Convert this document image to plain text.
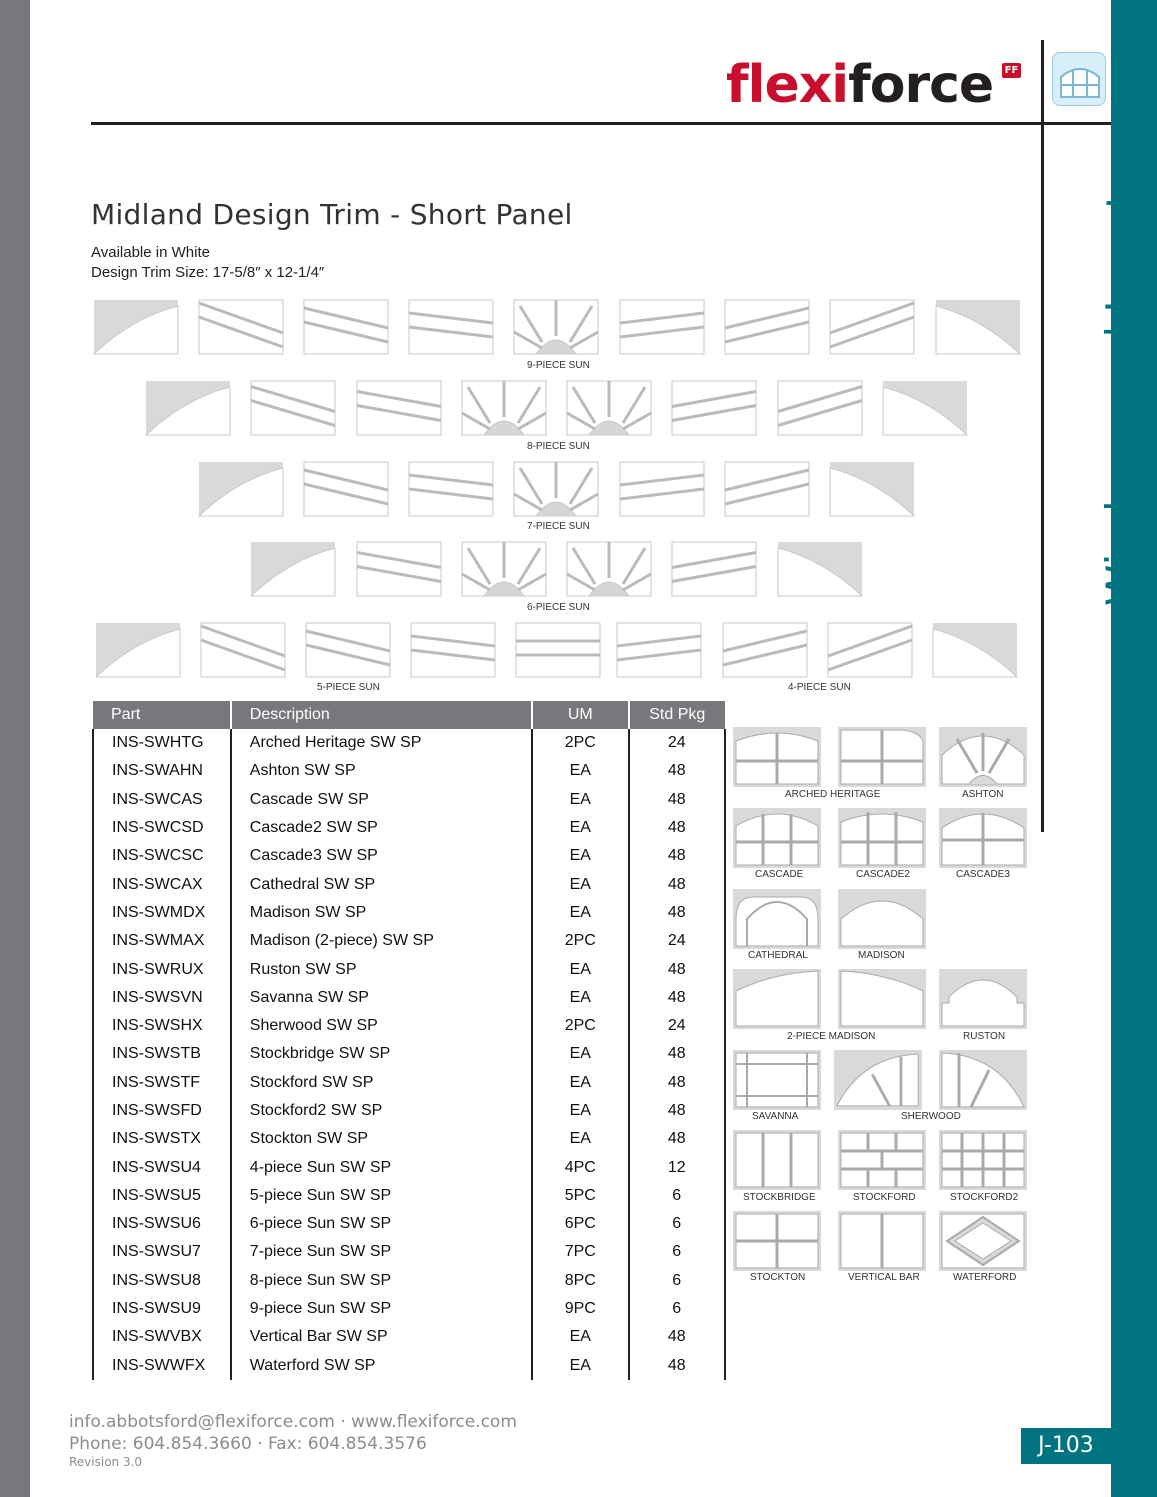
flexiforce FF
Windows and Inserts
Midland Design Trim - Short Panel
Available in White
Design Trim Size: 17-5/8″ x 12-1/4″
9-PIECE SUN
8-PIECE SUN
7-PIECE SUN
6-PIECE SUN
5-PIECE SUN	4-PIECE SUN
Part	Description	UM	Std Pkg
INS-SWHTG	Arched Heritage SW SP	2PC	24
INS-SWAHN	Ashton SW SP	EA	48
INS-SWCAS	Cascade SW SP	EA	48
INS-SWCSD	Cascade2 SW SP	EA	48
INS-SWCSC	Cascade3 SW SP	EA	48
INS-SWCAX	Cathedral SW SP	EA	48
INS-SWMDX	Madison SW SP	EA	48
INS-SWMAX	Madison (2-piece) SW SP	2PC	24
INS-SWRUX	Ruston SW SP	EA	48
INS-SWSVN	Savanna SW SP	EA	48
INS-SWSHX	Sherwood SW SP	2PC	24
INS-SWSTB	Stockbridge SW SP	EA	48
INS-SWSTF	Stockford SW SP	EA	48
INS-SWSFD	Stockford2 SW SP	EA	48
INS-SWSTX	Stockton SW SP	EA	48
INS-SWSU4	4-piece Sun SW SP	4PC	12
INS-SWSU5	5-piece Sun SW SP	5PC	6
INS-SWSU6	6-piece Sun SW SP	6PC	6
INS-SWSU7	7-piece Sun SW SP	7PC	6
INS-SWSU8	8-piece Sun SW SP	8PC	6
INS-SWSU9	9-piece Sun SW SP	9PC	6
INS-SWVBX	Vertical Bar SW SP	EA	48
INS-SWWFX	Waterford SW SP	EA	48
ARCHED HERITAGE	ASHTON
CASCADE	CASCADE2	CASCADE3
CATHEDRAL	MADISON
2-PIECE MADISON	RUSTON
SAVANNA	SHERWOOD
STOCKBRIDGE	STOCKFORD	STOCKFORD2
STOCKTON	VERTICAL BAR	WATERFORD
info.abbotsford@flexiforce.com · www.flexiforce.com
Phone: 604.854.3660 · Fax: 604.854.3576
Revision 3.0
J-103
